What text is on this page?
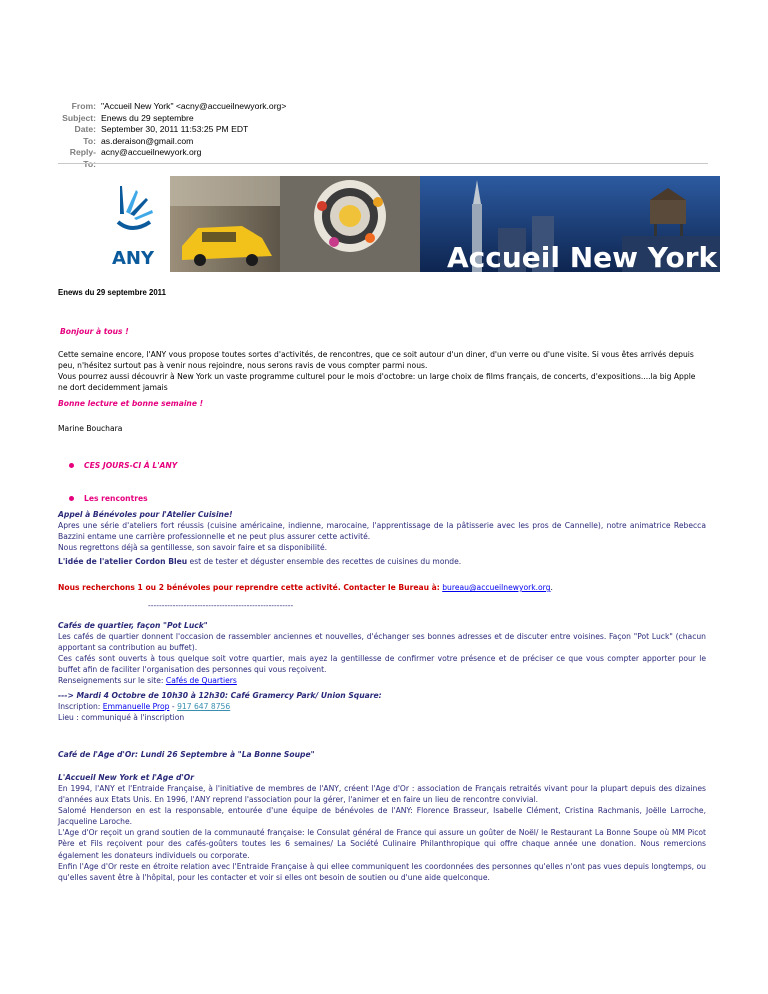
From: "Accueil New York" <acny@accueilnewyork.org>
Subject: Enews du 29 septembre
Date: September 30, 2011 11:53:25 PM EDT
To: as.deraison@gmail.com
Reply- acny@accueilnewyork.org
Accueil New York
ANY
Enews du 29 septembre 2011
Bonjour à tous !
Cette semaine encore, l'ANY vous propose toutes sortes d'activités, de rencontres, que ce soit autour d'un diner, d'un verre ou d'une visite. Si vous êtes arrivés depuis peu, n'hésitez surtout pas à venir nous rejoindre, nous serons ravis de vous compter parmi nous.
Vous pourrez aussi découvrir à New York un vaste programme culturel pour le mois d'octobre: un large choix de films français, de concerts, d'expositions....la big Apple ne dort decidemment jamais
Bonne lecture et bonne semaine !
Marine Bouchara
CES JOURS-CI À L'ANY
Les rencontres
Appel à Bénévoles pour l'Atelier Cuisine!
Apres une série d'ateliers fort réussis (cuisine américaine, indienne, marocaine, l'apprentissage de la pâtisserie avec les pros de Cannelle), notre animatrice Rebecca Bazzini entame une carrière professionnelle et ne peut plus assurer cette activité.
Nous regrettons déjà sa gentillesse, son savoir faire et sa disponibilité.
L'idée de l'atelier Cordon Bleu est de tester et déguster ensemble des recettes de cuisines du monde.
Nous recherchons 1 ou 2 bénévoles pour reprendre cette activité. Contacter le Bureau à: bureau@accueilnewyork.org.
-----------------------------------------------------
Cafés de quartier, façon "Pot Luck"
Les cafés de quartier donnent l'occasion de rassembler anciennes et nouvelles, d'échanger ses bonnes adresses et de discuter entre voisines. Façon "Pot Luck" (chacun apportant sa contribution au buffet).
Ces cafés sont ouverts à tous quelque soit votre quartier, mais ayez la gentillesse de confirmer votre présence et de préciser ce que vous compter apporter pour le buffet afin de faciliter l'organisation des personnes qui vous reçoivent.
Renseignements sur le site: Cafés de Quartiers
---> Mardi 4 Octobre de 10h30 à 12h30: Café Gramercy Park/ Union Square:
Inscription: Emmanuelle Prop - 917 647 8756
Lieu : communiqué à l'inscription
Café de l'Age d'Or: Lundi 26 Septembre à "La Bonne Soupe"
L'Accueil New York et l'Age d'Or
En 1994, l'ANY et l'Entraide Française, à l'initiative de membres de l'ANY, créent l'Age d'Or : association de Français retraités vivant pour la plupart depuis des dizaines d'années aux Etats Unis. En 1996, l'ANY reprend l'association pour la gérer, l'animer et en faire un lieu de rencontre convivial.
Salomé Henderson en est la responsable, entourée d'une équipe de bénévoles de l'ANY: Florence Brasseur, Isabelle Clément, Cristina Rachmanis, Joëlle Larroche, Jacqueline Laroche.
L'Age d'Or reçoit un grand soutien de la communauté française: le Consulat général de France qui assure un goûter de Noël/ le Restaurant La Bonne Soupe où MM Picot Père et Fils reçoivent pour des cafés-goûters toutes les 6 semaines/ La Société Culinaire Philanthropique qui offre chaque année une donation. Nous remercions également les donateurs individuels ou corporate.
Enfin l'Age d'Or reste en étroite relation avec l'Entraide Française à qui ellee communiquent les coordonnées des personnes qu'elles n'ont pas vues depuis longtemps, ou qu'elles savent être à l'hôpital, pour les contacter et voir si elles ont besoin de soutien ou d'une aide quelconque.
